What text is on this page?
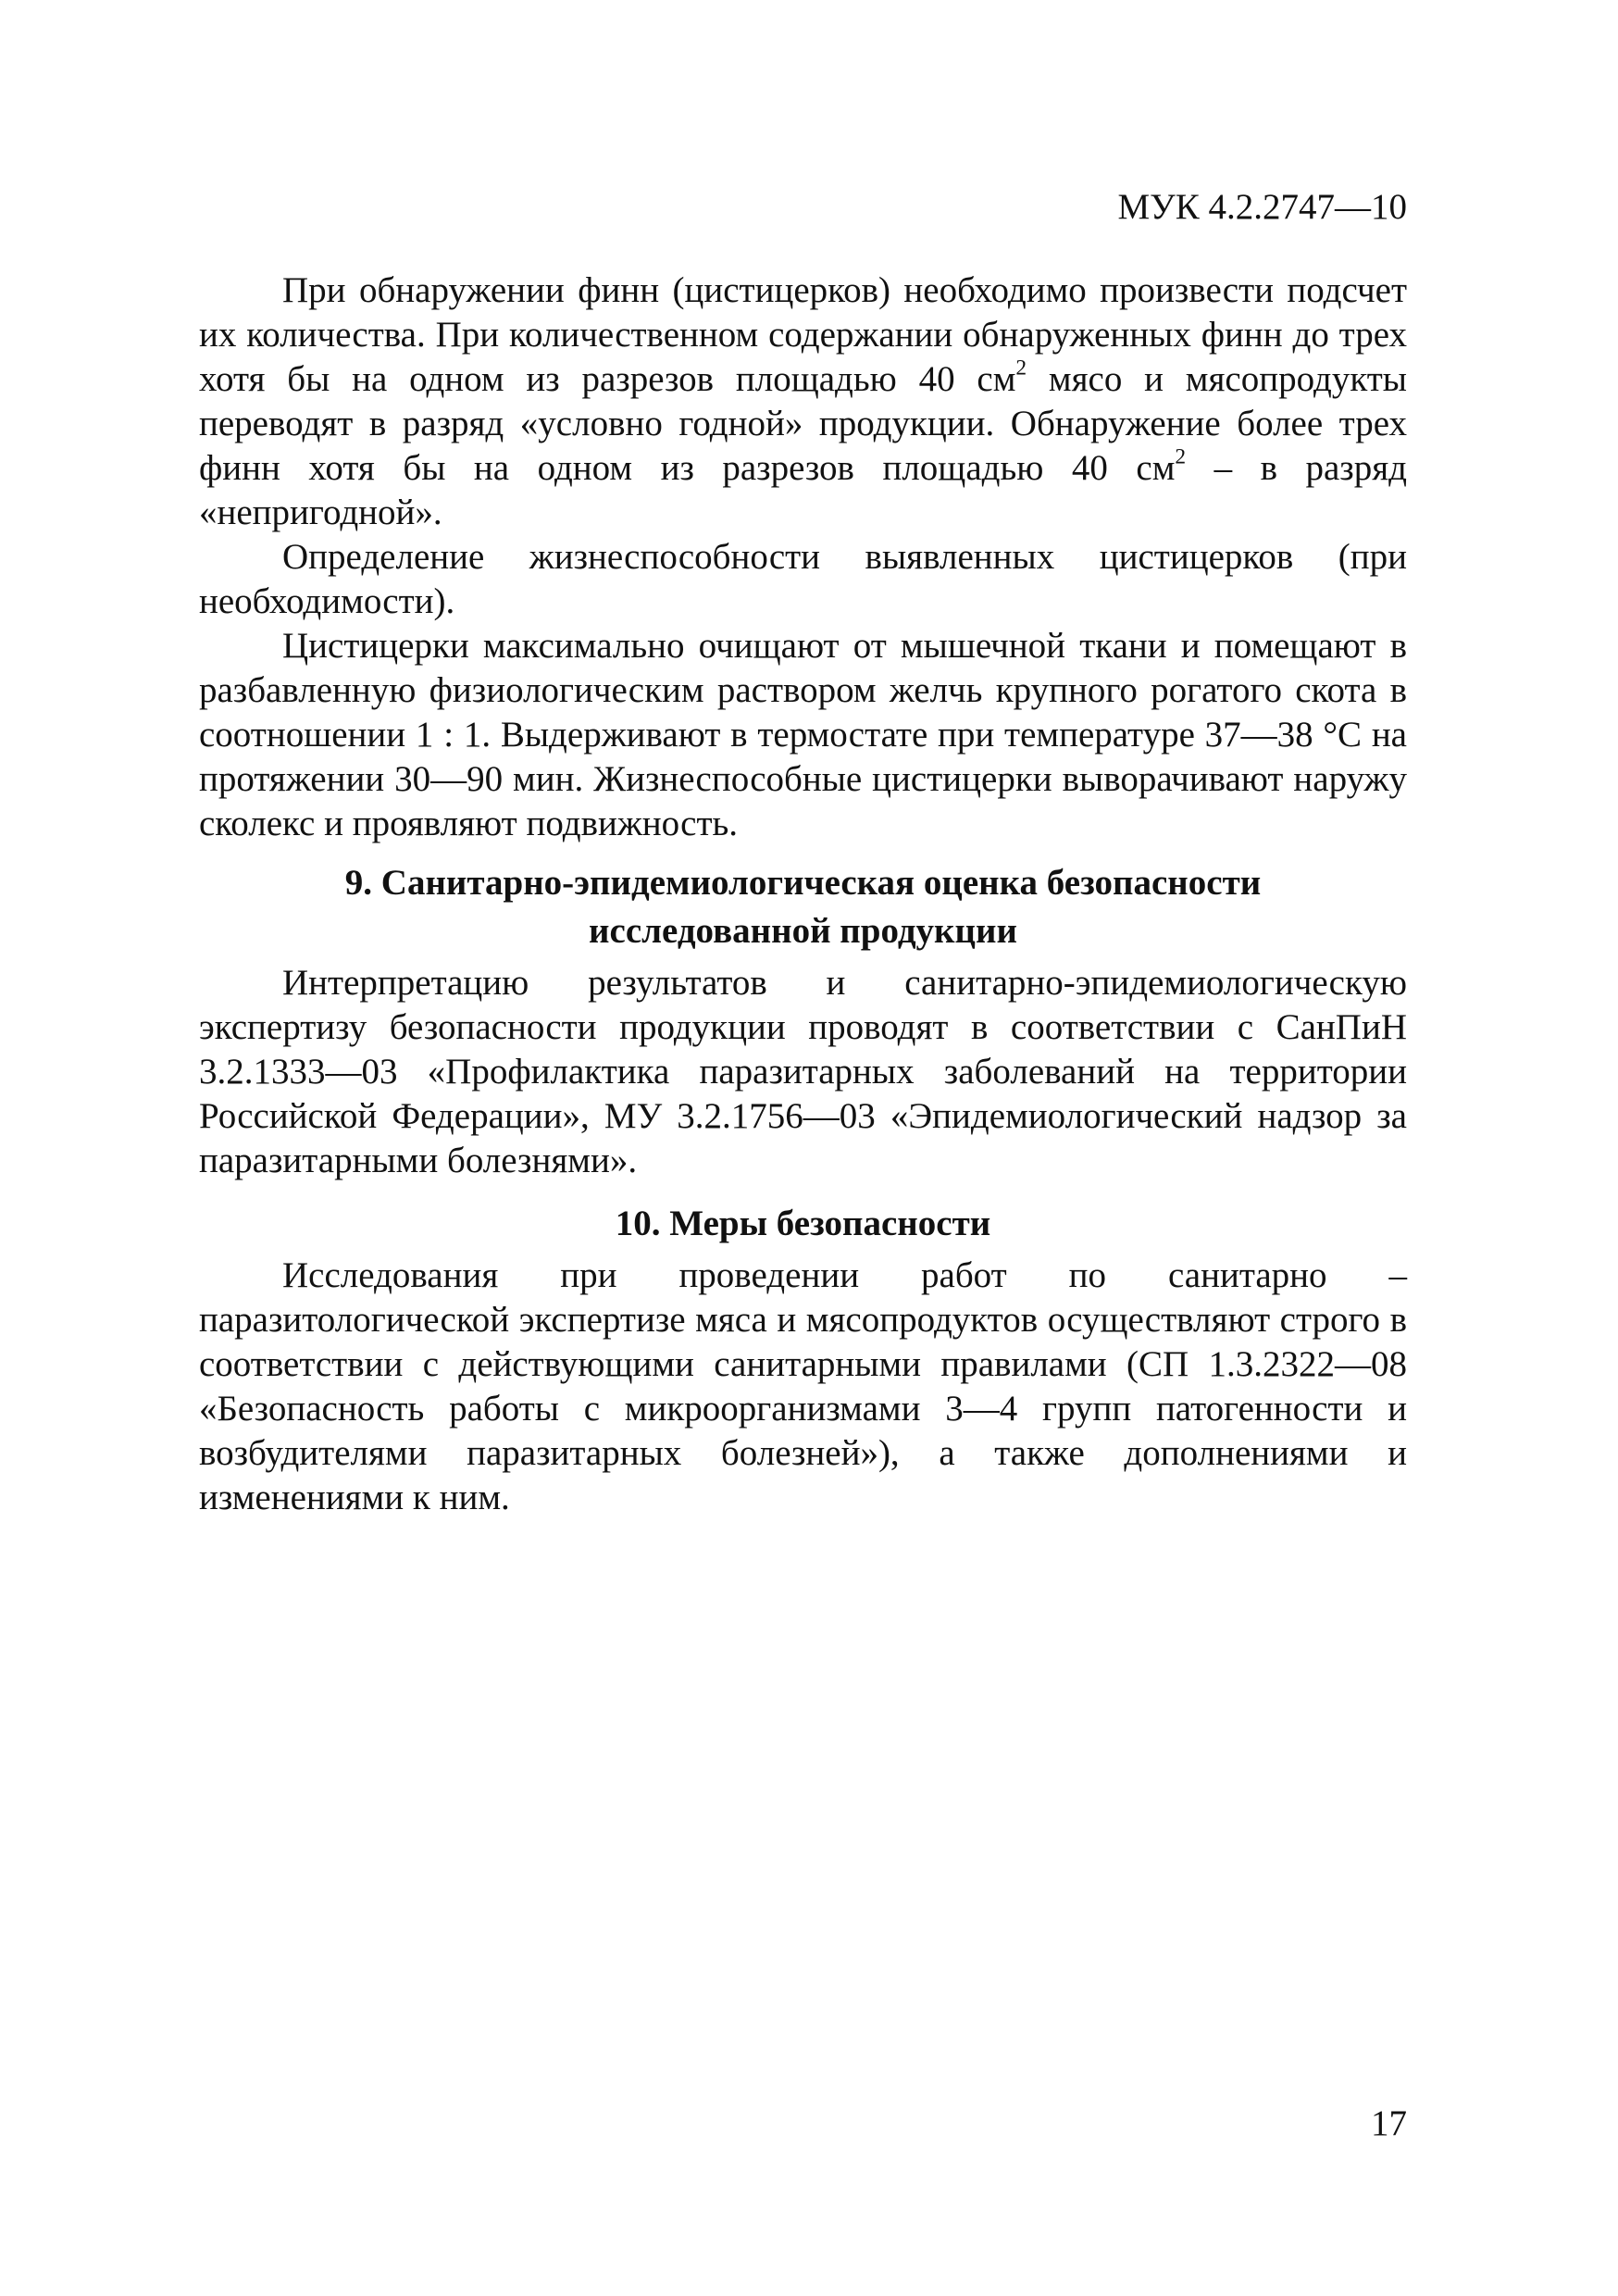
МУК 4.2.2747—10

При обнаружении финн (цистицерков) необходимо произвести подсчет их количества. При количественном содержании обнаруженных финн до трех хотя бы на одном из разрезов площадью 40 $см^2$ мясо и мясопродукты переводят в разряд «условно годной» продукции. Обнаружение более трех финн хотя бы на одном из разрезов площадью 40 $см^2$ – в разряд «непригодной».

Определение жизнеспособности выявленных цистицерков (при необходимости).

Цистицерки максимально очищают от мышечной ткани и помещают в разбавленную физиологическим раствором желчь крупного рогатого скота в соотношении 1 : 1. Выдерживают в термостате при температуре 37—38 °С на протяжении 30—90 мин. Жизнеспособные цистицерки выворачивают наружу сколекс и проявляют подвижность.

9. Санитарно-эпидемиологическая оценка безопасности
исследованной продукции

Интерпретацию результатов и санитарно-эпидемиологическую экспертизу безопасности продукции проводят в соответствии с СанПиН 3.2.1333—03 «Профилактика паразитарных заболеваний на территории Российской Федерации», МУ 3.2.1756—03 «Эпидемиологический надзор за паразитарными болезнями».

10. Меры безопасности

Исследования при проведении работ по санитарно – паразитологической экспертизе мяса и мясопродуктов осуществляют строго в соответствии с действующими санитарными правилами (СП 1.3.2322—08 «Безопасность работы с микроорганизмами 3—4 групп патогенности и возбудителями паразитарных болезней»), а также дополнениями и изменениями к ним.

17
